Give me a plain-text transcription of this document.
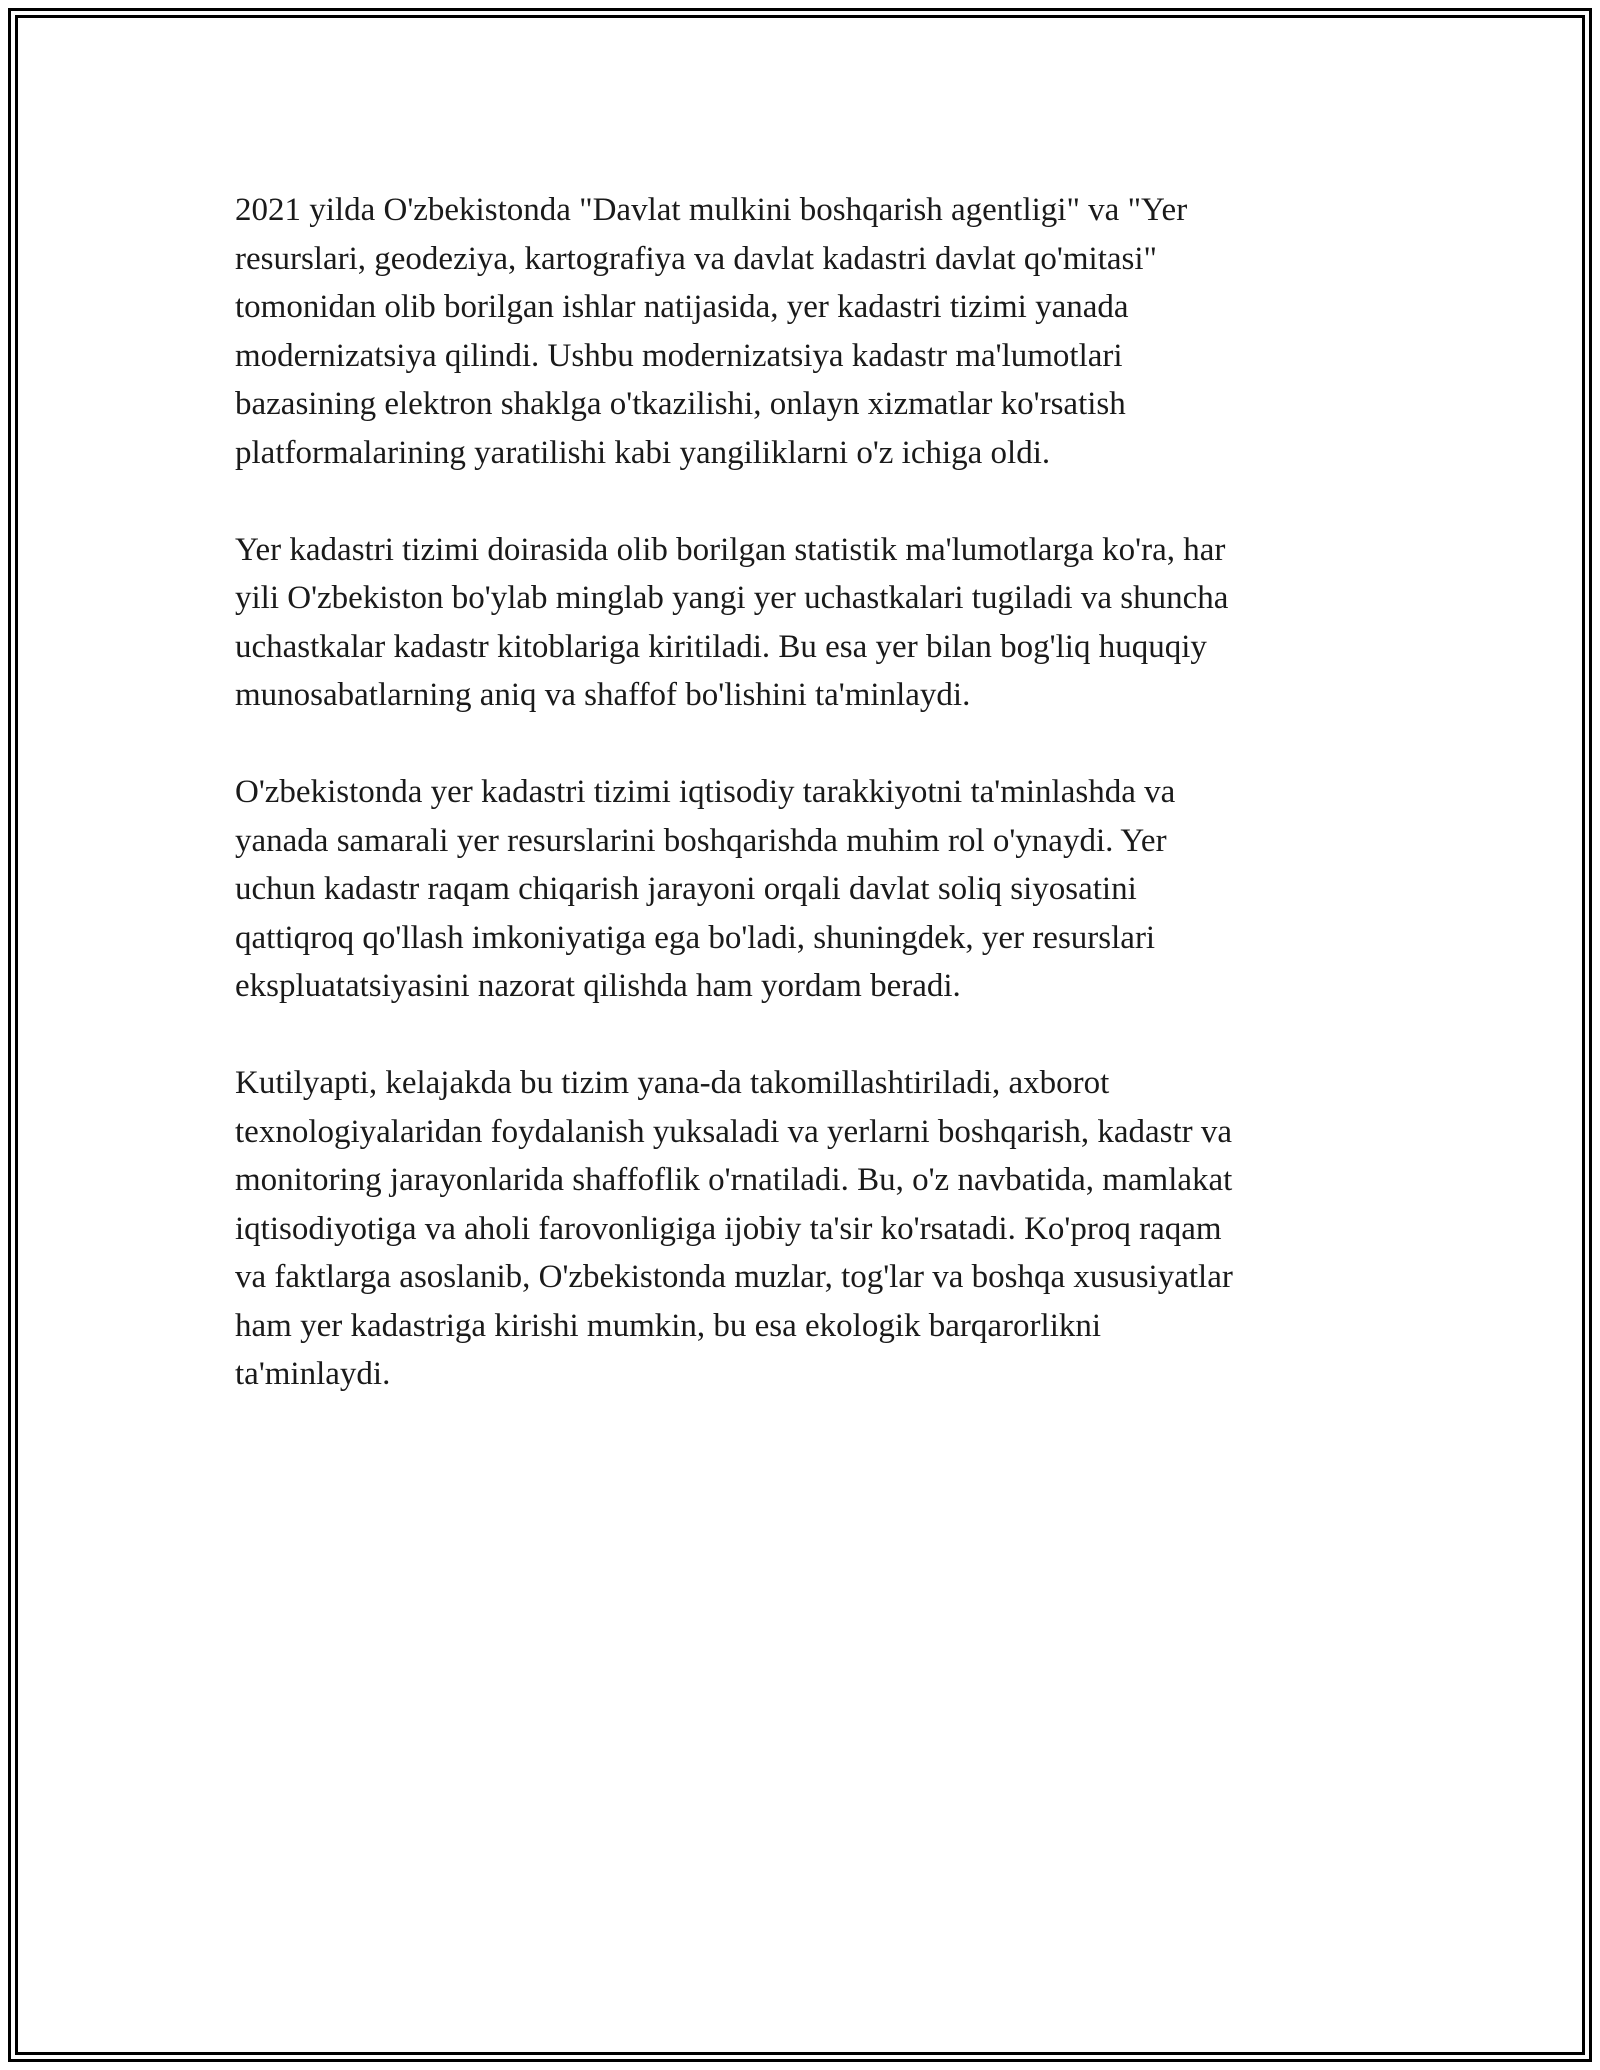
2021 yilda O'zbekistonda "Davlat mulkini boshqarish agentligi" va "Yer
resurslari, geodeziya, kartografiya va davlat kadastri davlat qo'mitasi"
tomonidan olib borilgan ishlar natijasida, yer kadastri tizimi yanada
modernizatsiya qilindi. Ushbu modernizatsiya kadastr ma'lumotlari
bazasining elektron shaklga o'tkazilishi, onlayn xizmatlar ko'rsatish
platformalarining yaratilishi kabi yangiliklarni o'z ichiga oldi.

Yer kadastri tizimi doirasida olib borilgan statistik ma'lumotlarga ko'ra, har
yili O'zbekiston bo'ylab minglab yangi yer uchastkalari tugiladi va shuncha
uchastkalar kadastr kitoblariga kiritiladi. Bu esa yer bilan bog'liq huquqiy
munosabatlarning aniq va shaffof bo'lishini ta'minlaydi.

O'zbekistonda yer kadastri tizimi iqtisodiy tarakkiyotni ta'minlashda va
yanada samarali yer resurslarini boshqarishda muhim rol o'ynaydi. Yer
uchun kadastr raqam chiqarish jarayoni orqali davlat soliq siyosatini
qattiqroq qo'llash imkoniyatiga ega bo'ladi, shuningdek, yer resurslari
ekspluatatsiyasini nazorat qilishda ham yordam beradi.

Kutilyapti, kelajakda bu tizim yana-da takomillashtiriladi, axborot
texnologiyalaridan foydalanish yuksaladi va yerlarni boshqarish, kadastr va
monitoring jarayonlarida shaffoflik o'rnatiladi. Bu, o'z navbatida, mamlakat
iqtisodiyotiga va aholi farovonligiga ijobiy ta'sir ko'rsatadi. Ko'proq raqam
va faktlarga asoslanib, O'zbekistonda muzlar, tog'lar va boshqa xususiyatlar
ham yer kadastriga kirishi mumkin, bu esa ekologik barqarorlikni
ta'minlaydi.
